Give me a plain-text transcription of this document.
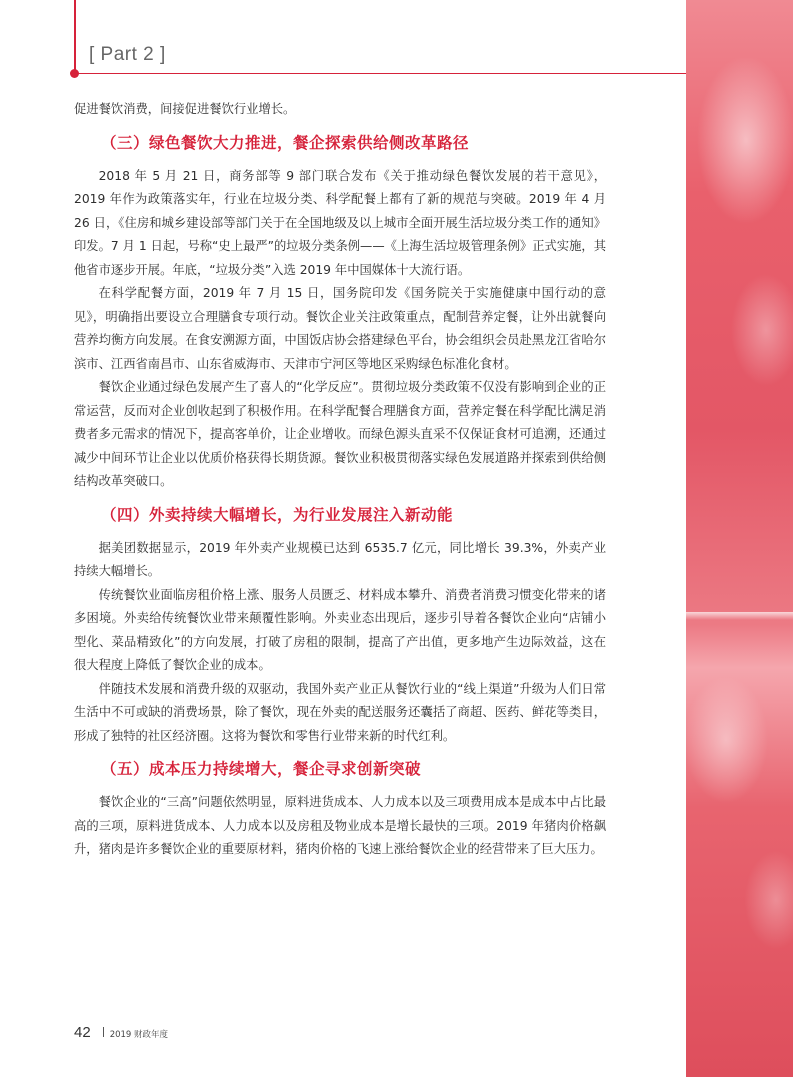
[ Part 2 ]

促进餐饮消费，间接促进餐饮行业增长。

（三）绿色餐饮大力推进，餐企探索供给侧改革路径

2018 年 5 月 21 日，商务部等 9 部门联合发布《关于推动绿色餐饮发展的若干意见》，2019 年作为政策落实年，行业在垃圾分类、科学配餐上都有了新的规范与突破。2019 年 4 月 26 日，《住房和城乡建设部等部门关于在全国地级及以上城市全面开展生活垃圾分类工作的通知》印发。7 月 1 日起，号称“史上最严”的垃圾分类条例——《上海生活垃圾管理条例》正式实施，其他省市逐步开展。年底，“垃圾分类”入选 2019 年中国媒体十大流行语。

在科学配餐方面，2019 年 7 月 15 日，国务院印发《国务院关于实施健康中国行动的意见》，明确指出要设立合理膳食专项行动。餐饮企业关注政策重点，配制营养定餐，让外出就餐向营养均衡方向发展。在食安溯源方面，中国饭店协会搭建绿色平台，协会组织会员赴黑龙江省哈尔滨市、江西省南昌市、山东省威海市、天津市宁河区等地区采购绿色标准化食材。

餐饮企业通过绿色发展产生了喜人的“化学反应”。贯彻垃圾分类政策不仅没有影响到企业的正常运营，反而对企业创收起到了积极作用。在科学配餐合理膳食方面，营养定餐在科学配比满足消费者多元需求的情况下，提高客单价，让企业增收。而绿色源头直采不仅保证食材可追溯，还通过减少中间环节让企业以优质价格获得长期货源。餐饮业积极贯彻落实绿色发展道路并探索到供给侧结构改革突破口。

（四）外卖持续大幅增长，为行业发展注入新动能

据美团数据显示，2019 年外卖产业规模已达到 6535.7 亿元，同比增长 39.3%，外卖产业持续大幅增长。

传统餐饮业面临房租价格上涨、服务人员匮乏、材料成本攀升、消费者消费习惯变化带来的诸多困境。外卖给传统餐饮业带来颠覆性影响。外卖业态出现后，逐步引导着各餐饮企业向“店铺小型化、菜品精致化”的方向发展，打破了房租的限制，提高了产出值，更多地产生边际效益，这在很大程度上降低了餐饮企业的成本。

伴随技术发展和消费升级的双驱动，我国外卖产业正从餐饮行业的“线上渠道”升级为人们日常生活中不可或缺的消费场景，除了餐饮，现在外卖的配送服务还囊括了商超、医药、鲜花等类目，形成了独特的社区经济圈。这将为餐饮和零售行业带来新的时代红利。

（五）成本压力持续增大，餐企寻求创新突破

餐饮企业的“三高”问题依然明显，原料进货成本、人力成本以及三项费用成本是成本中占比最高的三项，原料进货成本、人力成本以及房租及物业成本是增长最快的三项。2019 年猪肉价格飙升，猪肉是许多餐饮企业的重要原材料，猪肉价格的飞速上涨给餐饮企业的经营带来了巨大压力。

42 2019 财政年度
